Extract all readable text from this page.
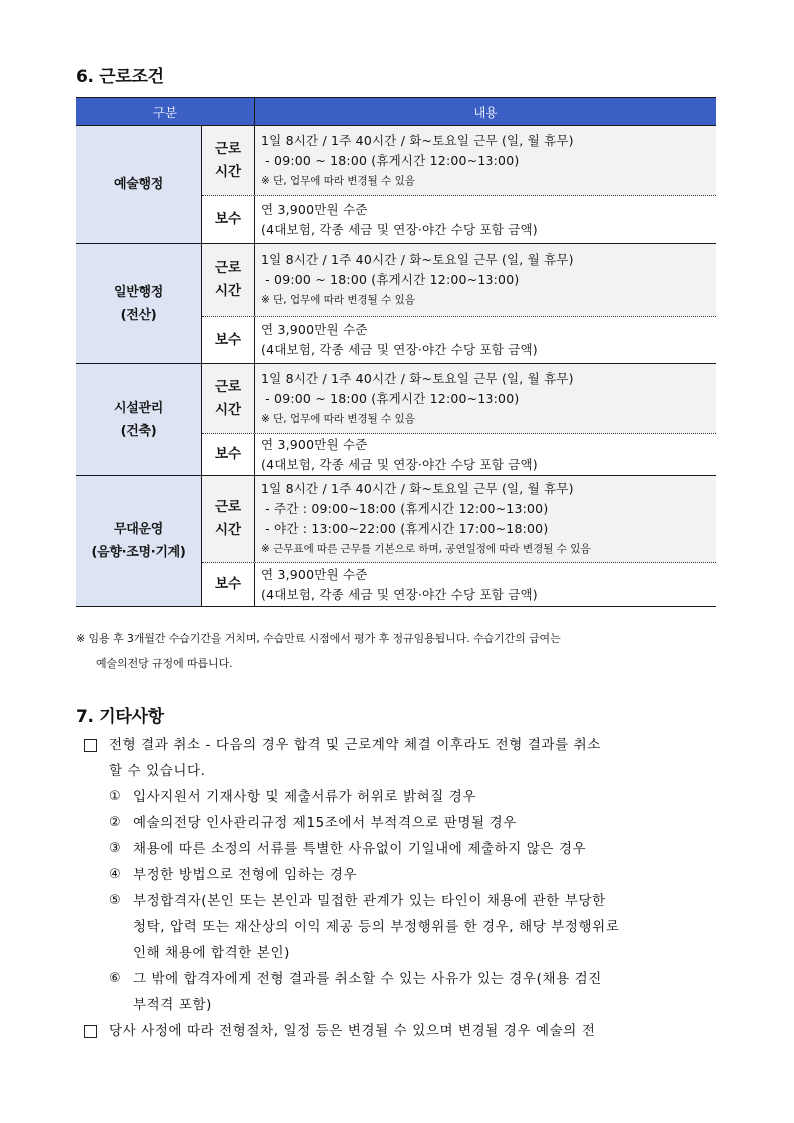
6. 근로조건
구분	내용
예술행정
근로
시간
1일 8시간 / 1주 40시간 / 화~토요일 근무 (일, 월 휴무)
- 09:00 ~ 18:00 (휴게시간 12:00~13:00)
※ 단, 업무에 따라 변경될 수 있음
보수
연 3,900만원 수준
(4대보험, 각종 세금 및 연장·야간 수당 포함 금액)
일반행정
(전산)
근로
시간
1일 8시간 / 1주 40시간 / 화~토요일 근무 (일, 월 휴무)
- 09:00 ~ 18:00 (휴게시간 12:00~13:00)
※ 단, 업무에 따라 변경될 수 있음
보수
연 3,900만원 수준
(4대보험, 각종 세금 및 연장·야간 수당 포함 금액)
시설관리
(건축)
근로
시간
1일 8시간 / 1주 40시간 / 화~토요일 근무 (일, 월 휴무)
- 09:00 ~ 18:00 (휴게시간 12:00~13:00)
※ 단, 업무에 따라 변경될 수 있음
보수
연 3,900만원 수준
(4대보험, 각종 세금 및 연장·야간 수당 포함 금액)
무대운영
(음향·조명·기계)
근로
시간
1일 8시간 / 1주 40시간 / 화~토요일 근무 (일, 월 휴무)
- 주간 : 09:00~18:00 (휴게시간 12:00~13:00)
- 야간 : 13:00~22:00 (휴게시간 17:00~18:00)
※ 근무표에 따른 근무를 기본으로 하며, 공연일정에 따라 변경될 수 있음
보수
연 3,900만원 수준
(4대보험, 각종 세금 및 연장·야간 수당 포함 금액)
※ 임용 후 3개월간 수습기간을 거치며, 수습만료 시점에서 평가 후 정규임용됩니다. 수습기간의 급여는
예술의전당 규정에 따릅니다.
7. 기타사항
전형 결과 취소 - 다음의 경우 합격 및 근로계약 체결 이후라도 전형 결과를 취소
할 수 있습니다.
① 입사지원서 기재사항 및 제출서류가 허위로 밝혀질 경우
② 예술의전당 인사관리규정 제15조에서 부적격으로 판명될 경우
③ 채용에 따른 소정의 서류를 특별한 사유없이 기일내에 제출하지 않은 경우
④ 부정한 방법으로 전형에 임하는 경우
⑤ 부정합격자(본인 또는 본인과 밀접한 관계가 있는 타인이 채용에 관한 부당한
청탁, 압력 또는 재산상의 이익 제공 등의 부정행위를 한 경우, 해당 부정행위로
인해 채용에 합격한 본인)
⑥ 그 밖에 합격자에게 전형 결과를 취소할 수 있는 사유가 있는 경우(채용 검진
부적격 포함)
당사 사정에 따라 전형절차, 일정 등은 변경될 수 있으며 변경될 경우 예술의 전
